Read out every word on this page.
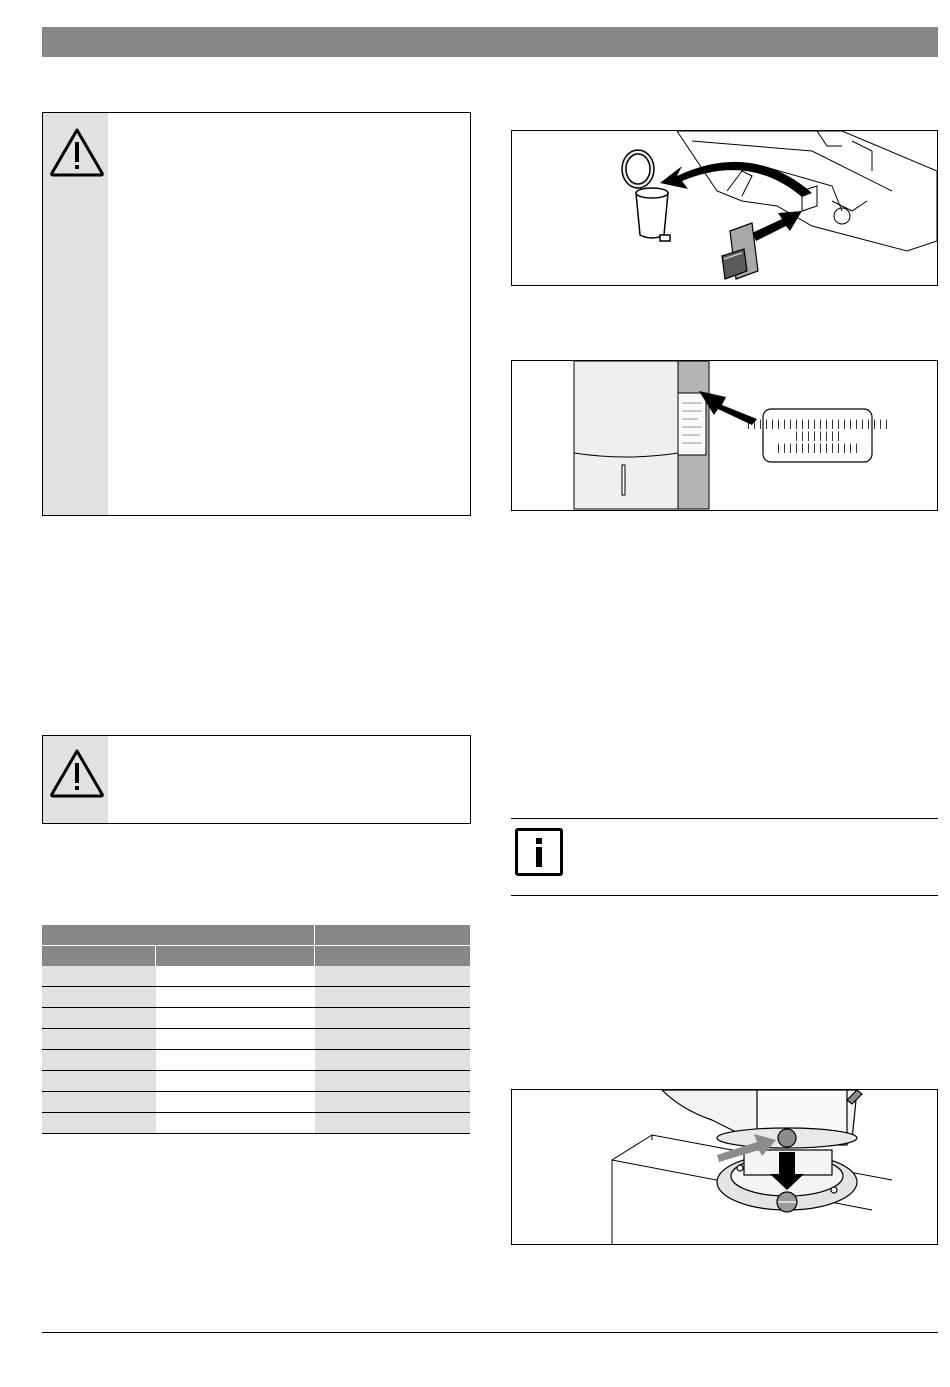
||||||||||||||||||||||||
||||||||
||||||||||||||
